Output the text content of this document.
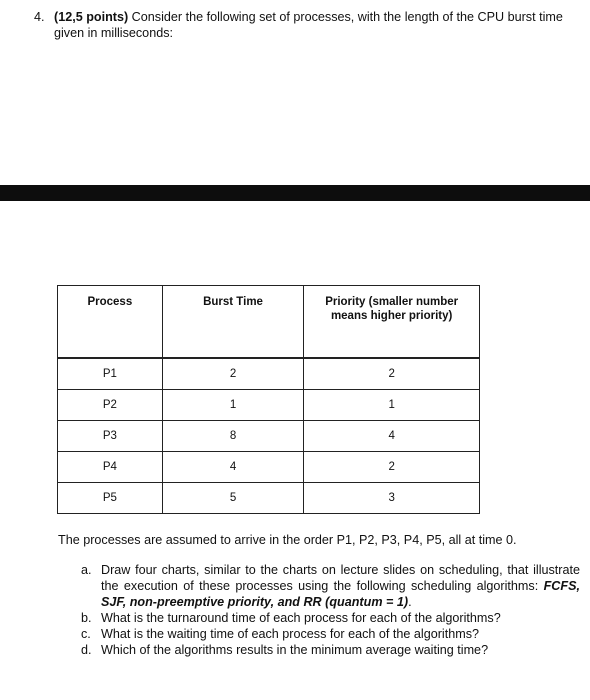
4. (12,5 points) Consider the following set of processes, with the length of the CPU burst time given in milliseconds:
Process	Burst Time	Priority (smaller number means higher priority)

P1	2	2
P2	1	1
P3	8	4
P4	4	2
P5	5	3
The processes are assumed to arrive in the order P1, P2, P3, P4, P5, all at time 0.
a. Draw four charts, similar to the charts on lecture slides on scheduling, that illustrate the execution of these processes using the following scheduling algorithms: FCFS, SJF, non-preemptive priority, and RR (quantum = 1).
b. What is the turnaround time of each process for each of the algorithms?
c. What is the waiting time of each process for each of the algorithms?
d. Which of the algorithms results in the minimum average waiting time?
